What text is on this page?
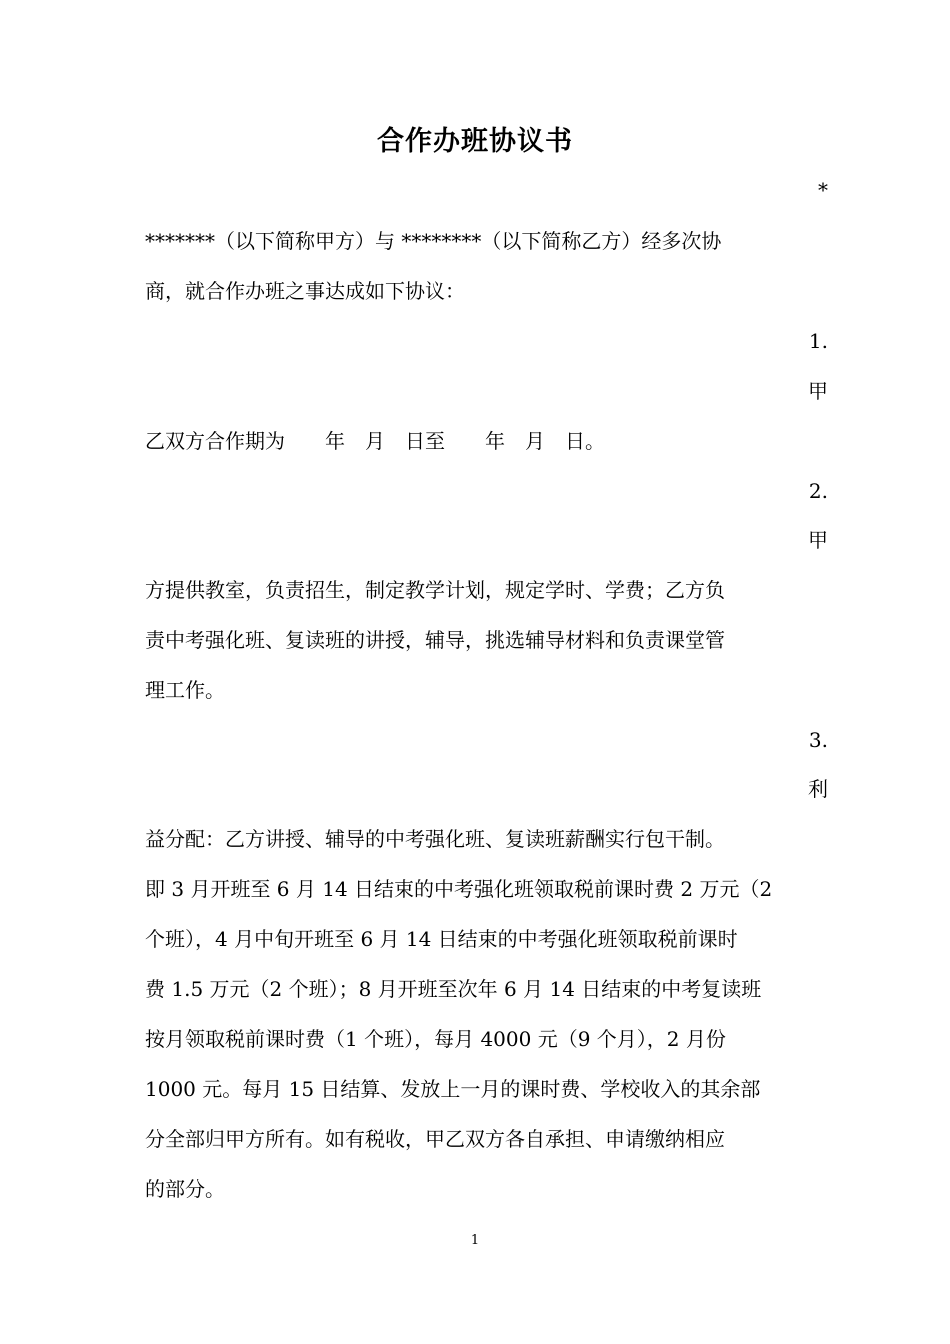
合作办班协议书
*
*******（以下简称甲方）与 ********（以下简称乙方）经多次协
商，就合作办班之事达成如下协议：
1.
甲
乙双方合作期为　　年　月　日至　　年　月　日。
2.
甲
方提供教室，负责招生，制定教学计划，规定学时、学费；乙方负
责中考强化班、复读班的讲授，辅导，挑选辅导材料和负责课堂管
理工作。
3.
利
益分配：乙方讲授、辅导的中考强化班、复读班薪酬实行包干制。
即 3 月开班至 6 月 14 日结束的中考强化班领取税前课时费 2 万元（2
个班），4 月中旬开班至 6 月 14 日结束的中考强化班领取税前课时
费 1.5 万元（2 个班）；8 月开班至次年 6 月 14 日结束的中考复读班
按月领取税前课时费（1 个班），每月 4000 元（9 个月），2 月份
1000 元。每月 15 日结算、发放上一月的课时费、学校收入的其余部
分全部归甲方所有。如有税收，甲乙双方各自承担、申请缴纳相应
的部分。
1
